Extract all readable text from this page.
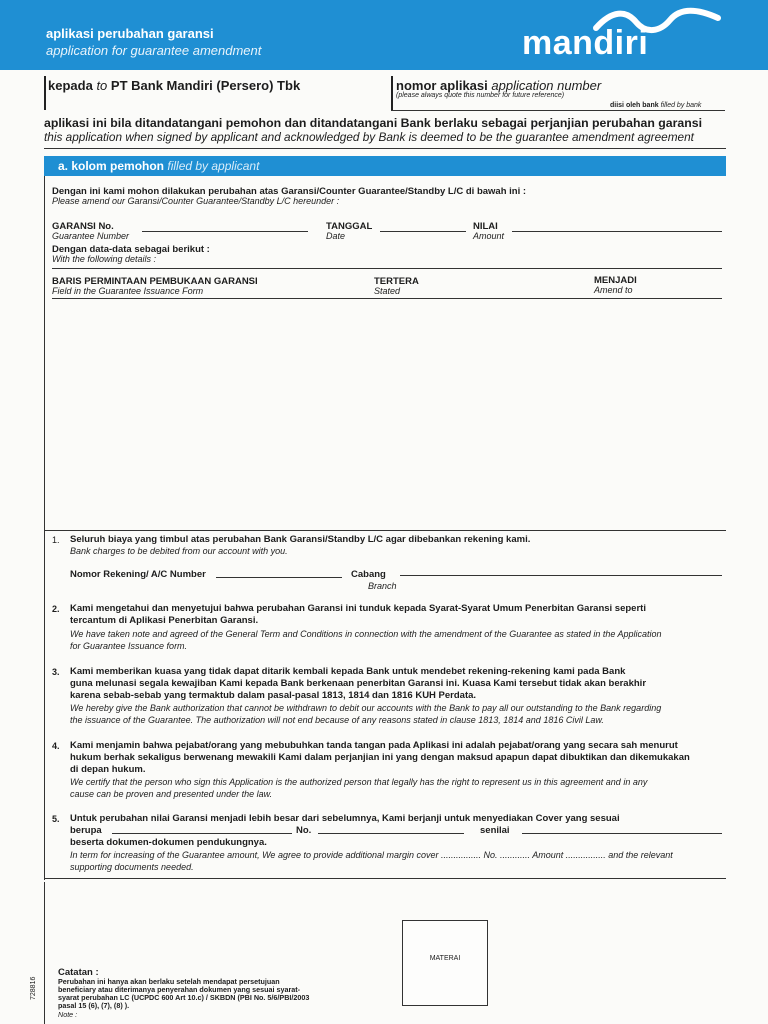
aplikasi perubahan garansi
application for guarantee amendment	mandiri
kepada to PT Bank Mandiri (Persero) Tbk	nomor aplikasi application number
(please always quote this number for future reference)
diisi oleh bank filled by bank
aplikasi ini bila ditandatangani pemohon dan ditandatangani Bank berlaku sebagai perjanjian perubahan garansi
this application when signed by applicant and acknowledged by Bank is deemed to be the guarantee amendment agreement
a. kolom pemohon filled by applicant
Dengan ini kami mohon dilakukan perubahan atas Garansi/Counter Guarantee/Standby L/C di bawah ini :
Please amend our Garansi/Counter Guarantee/Standby L/C hereunder :
GARANSI No.
Guarantee Number
TANGGAL
Date
NILAI
Amount
Dengan data-data sebagai berikut :
With the following details :
BARIS PERMINTAAN PEMBUKAAN GARANSI
Field in the Guarantee Issuance Form
TERTERA
Stated
MENJADI
Amend to
1. Seluruh biaya yang timbul atas perubahan Bank Garansi/Standby L/C agar dibebankan rekening kami.
Bank charges to be debited from our account with you.
Nomor Rekening/ A/C Number	Cabang
Branch
2. Kami mengetahui dan menyetujui bahwa perubahan Garansi ini tunduk kepada Syarat-Syarat Umum Penerbitan Garansi seperti
tercantum di Aplikasi Penerbitan Garansi.
We have taken note and agreed of the General Term and Conditions in connection with the amendment of the Guarantee as stated in the Application
for Guarantee Issuance form.
3. Kami memberikan kuasa yang tidak dapat ditarik kembali kepada Bank untuk mendebet rekening-rekening kami pada Bank
guna melunasi segala kewajiban Kami kepada Bank berkenaan penerbitan Garansi ini. Kuasa Kami tersebut tidak akan berakhir
karena sebab-sebab yang termaktub dalam pasal-pasal 1813, 1814 dan 1816 KUH Perdata.
We hereby give the Bank authorization that cannot be withdrawn to debit our accounts with the Bank to pay all our outstanding to the Bank regarding
the issuance of the Guarantee. The authorization will not end because of any reasons stated in clause 1813, 1814 and 1816 Civil Law.
4. Kami menjamin bahwa pejabat/orang yang mebubuhkan tanda tangan pada Aplikasi ini adalah pejabat/orang yang secara sah menurut
hukum berhak sekaligus berwenang mewakili Kami dalam perjanjian ini yang dengan maksud apapun dapat dibuktikan dan dikemukakan
di depan hukum.
We certify that the person who sign this Application is the authorized person that legally has the right to represent us in this agreement and in any
cause can be proven and presented under the law.
5. Untuk perubahan nilai Garansi menjadi lebih besar dari sebelumnya, Kami berjanji untuk menyediakan Cover yang sesuai
berupa	No.	senilai
beserta dokumen-dokumen pendukungnya.
In term for increasing of the Guarantee amount, We agree to provide additional margin cover ................ No. ............ Amount ................ and the relevant
supporting documents needed.
MATERAI
Catatan :
Perubahan ini hanya akan berlaku setelah mendapat persetujuan
beneficiary atau diterimanya penyerahan dokumen yang sesuai syarat-
syarat perubahan LC (UCPDC 600 Art 10.c) / SKBDN (PBI No. 5/6/PBI/2003
pasal 15 (6), (7), (8) ).
Note :
728816
